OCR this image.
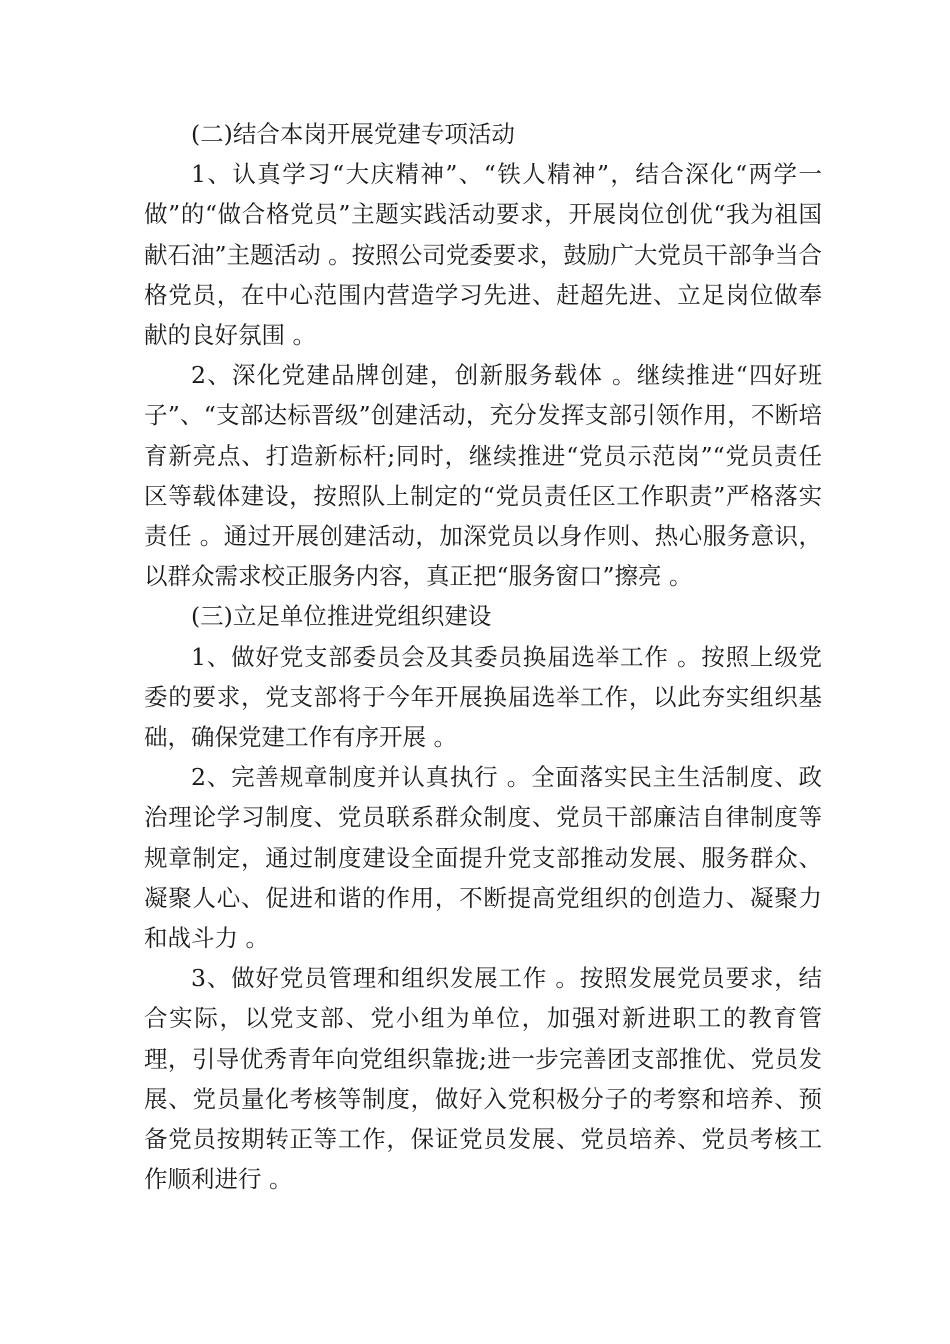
(二)结合本岗开展党建专项活动

1、认真学习“大庆精神”、“铁人精神”，结合深化“两学一做”的“做合格党员”主题实践活动要求，开展岗位创优“我为祖国献石油”主题活动 。按照公司党委要求，鼓励广大党员干部争当合格党员，在中心范围内营造学习先进、赶超先进、立足岗位做奉献的良好氛围 。

2、深化党建品牌创建，创新服务载体 。继续推进“四好班子”、“支部达标晋级”创建活动，充分发挥支部引领作用，不断培育新亮点、打造新标杆;同时，继续推进“党员示范岗”“党员责任区等载体建设，按照队上制定的“党员责任区工作职责”严格落实责任 。通过开展创建活动，加深党员以身作则、热心服务意识，以群众需求校正服务内容，真正把“服务窗口”擦亮 。

(三)立足单位推进党组织建设

1、做好党支部委员会及其委员换届选举工作 。按照上级党委的要求，党支部将于今年开展换届选举工作，以此夯实组织基础，确保党建工作有序开展 。

2、完善规章制度并认真执行 。全面落实民主生活制度、政治理论学习制度、党员联系群众制度、党员干部廉洁自律制度等规章制定，通过制度建设全面提升党支部推动发展、服务群众、凝聚人心、促进和谐的作用，不断提高党组织的创造力、凝聚力和战斗力 。

3、做好党员管理和组织发展工作 。按照发展党员要求，结合实际，以党支部、党小组为单位，加强对新进职工的教育管理，引导优秀青年向党组织靠拢;进一步完善团支部推优、党员发展、党员量化考核等制度，做好入党积极分子的考察和培养、预备党员按期转正等工作，保证党员发展、党员培养、党员考核工作顺利进行 。
